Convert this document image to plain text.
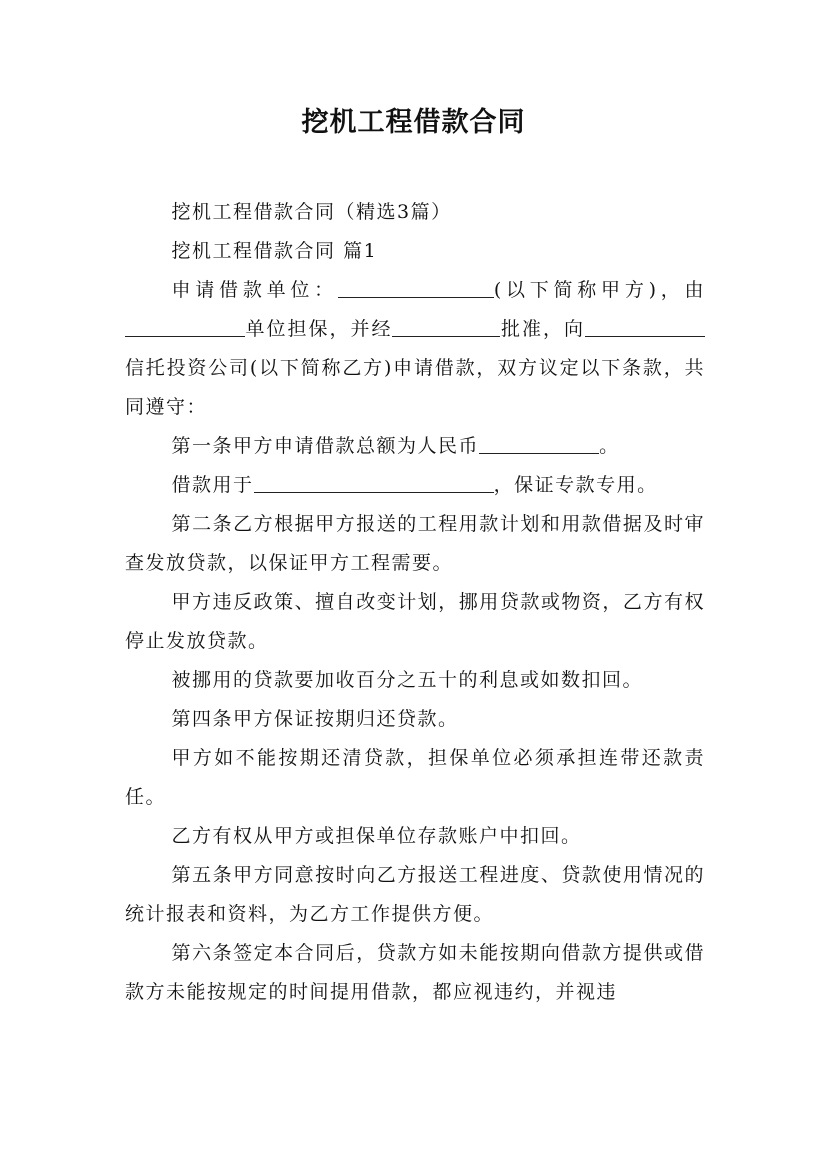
挖机工程借款合同

挖机工程借款合同（精选3篇）

挖机工程借款合同 篇1

申请借款单位：	(以下简称甲方)，由单位担保，并经	批准，向信托投资公司(以下简称乙方)申请借款，双方议定以下条款，共同遵守：

第一条甲方申请借款总额为人民币	。

借款用于	，保证专款专用。

第二条乙方根据甲方报送的工程用款计划和用款借据及时审查发放贷款，以保证甲方工程需要。

甲方违反政策、擅自改变计划，挪用贷款或物资，乙方有权停止发放贷款。

被挪用的贷款要加收百分之五十的利息或如数扣回。

第四条甲方保证按期归还贷款。

甲方如不能按期还清贷款，担保单位必须承担连带还款责任。

乙方有权从甲方或担保单位存款账户中扣回。

第五条甲方同意按时向乙方报送工程进度、贷款使用情况的统计报表和资料，为乙方工作提供方便。

第六条签定本合同后，贷款方如未能按期向借款方提供或借款方未能按规定的时间提用借款，都应视违约，并视违
